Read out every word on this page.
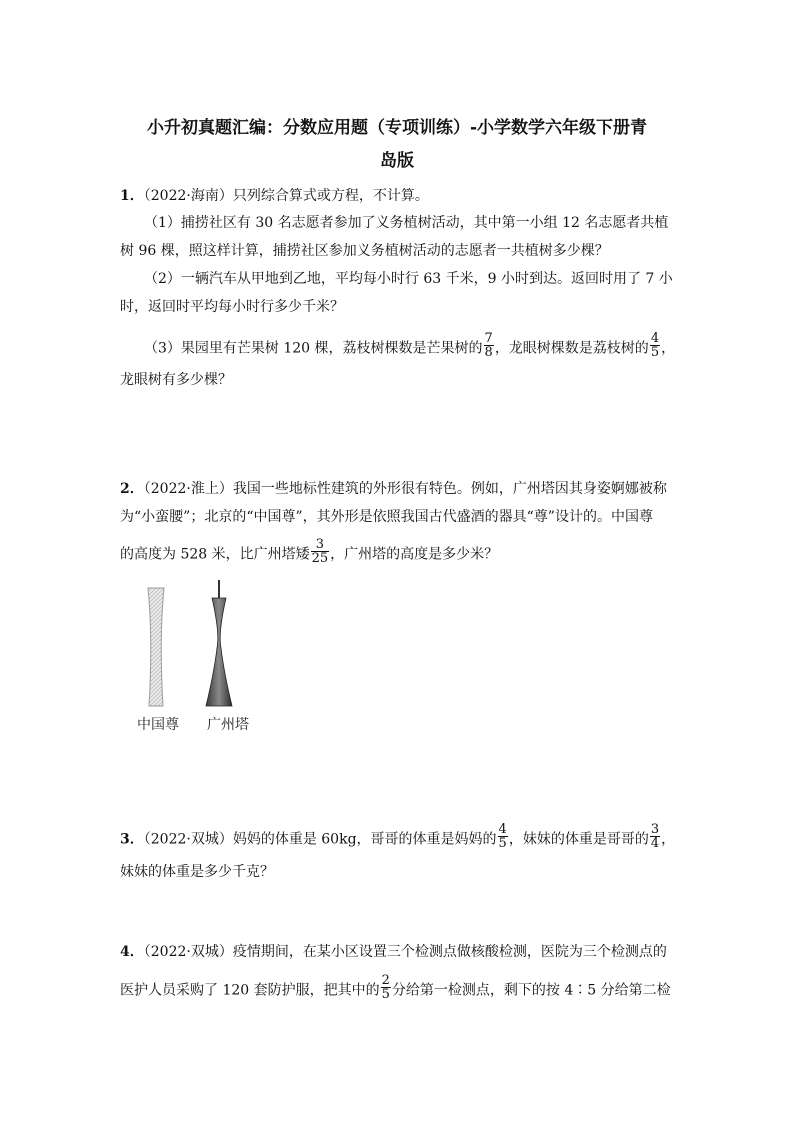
小升初真题汇编：分数应用题（专项训练）-小学数学六年级下册青
岛版
1．（2022·海南）只列综合算式或方程，不计算。
（1）捕捞社区有 30 名志愿者参加了义务植树活动，其中第一小组 12 名志愿者共植
树 96 棵，照这样计算，捕捞社区参加义务植树活动的志愿者一共植树多少棵？
（2）一辆汽车从甲地到乙地，平均每小时行 63 千米，9 小时到达。返回时用了 7 小
时，返回时平均每小时行多少千米？
（3）果园里有芒果树 120 棵，荔枝树棵数是芒果树的 $\frac{7}{8}$ ，龙眼树棵数是荔枝树的 $\frac{4}{5}$ ，
龙眼树有多少棵？
2．（2022·淮上）我国一些地标性建筑的外形很有特色。例如，广州塔因其身姿婀娜被称
为“小蛮腰”；北京的“中国尊”，其外形是依照我国古代盛酒的器具“尊”设计的。中国尊
的高度为 528 米，比广州塔矮 $\frac{3}{25}$ ，广州塔的高度是多少米？
中国尊 广州塔
3．（2022·双城）妈妈的体重是 60kg，哥哥的体重是妈妈的 $\frac{4}{5}$ ，妹妹的体重是哥哥的 $\frac{3}{4}$ ，
妹妹的体重是多少千克？
4．（2022·双城）疫情期间，在某小区设置三个检测点做核酸检测，医院为三个检测点的
医护人员采购了 120 套防护服，把其中的 $\frac{2}{5}$ 分给第一检测点，剩下的按 4∶5 分给第二检
